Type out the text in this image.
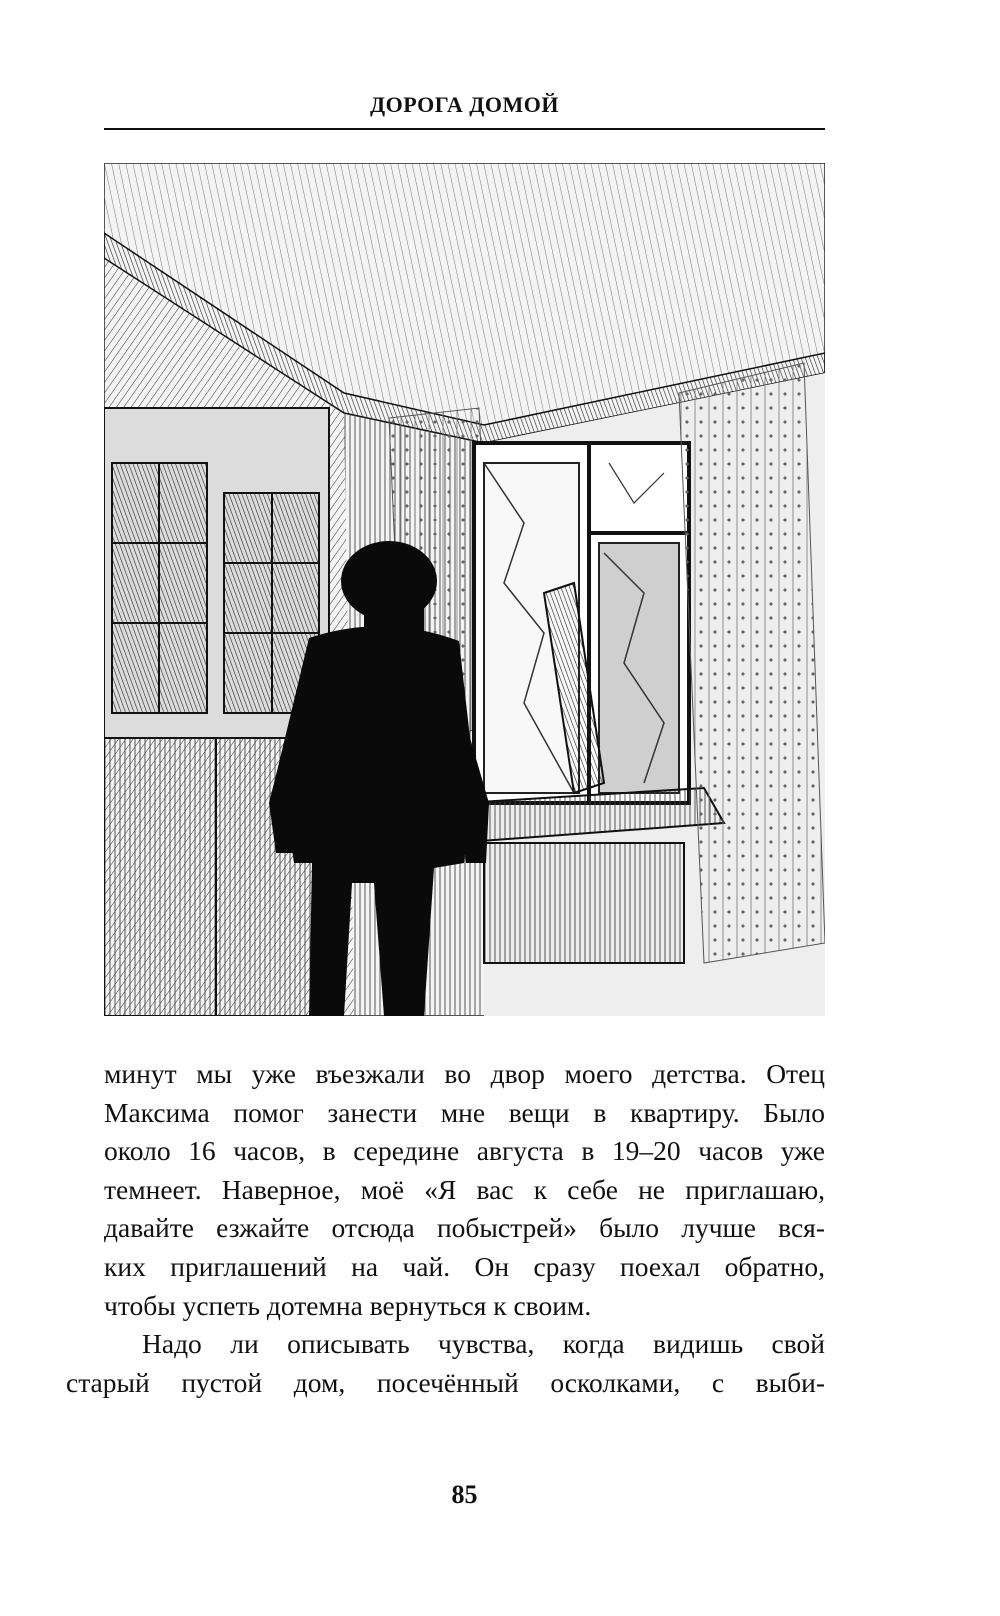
ДОРОГА ДОМОЙ

минут мы уже въезжали во двор моего детства. Отец
Максима помог занести мне вещи в квартиру. Было
около 16 часов, в середине августа в 19–20 часов уже
темнеет. Наверное, моё «Я вас к себе не приглашаю,
давайте езжайте отсюда побыстрей» было лучше вся-
ких приглашений на чай. Он сразу поехал обратно,
чтобы успеть дотемна вернуться к своим.

Надо ли описывать чувства, когда видишь свой
старый пустой дом, посечённый осколками, с выби-

85
